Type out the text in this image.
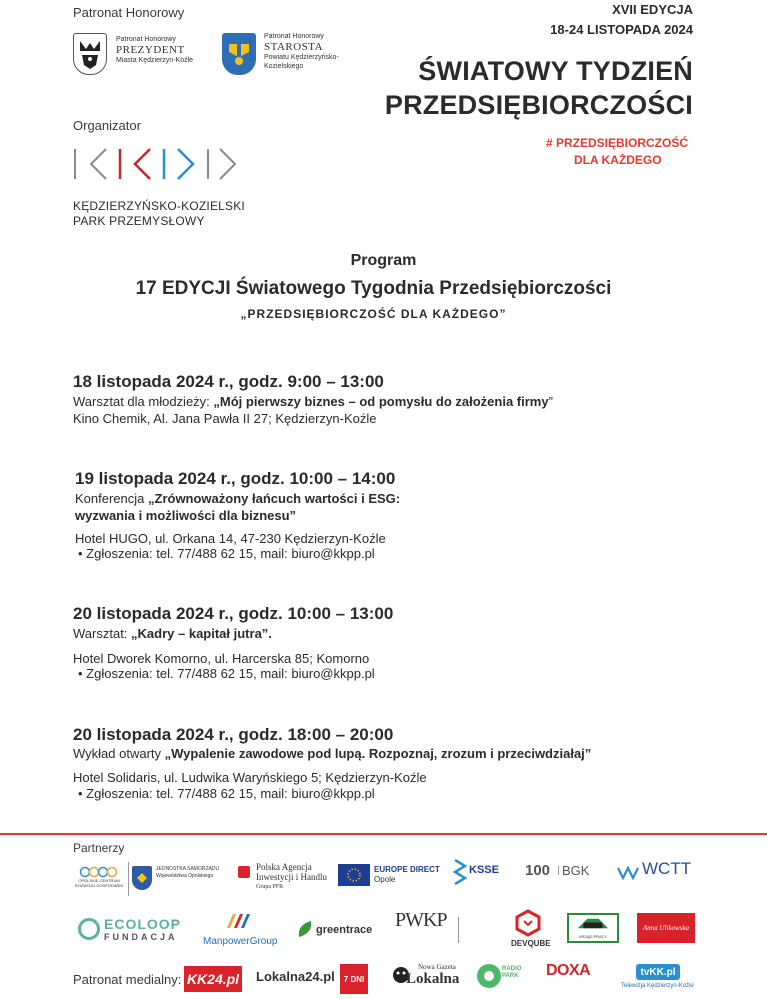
Patronat Honorowy
Patronat Honorowy
PREZYDENT
Miasta Kędzierzyn-Koźle
Patronat Honorowy
STAROSTA
Powiatu Kędzierzyńsko-
Kozielskiego
Organizator
KĘDZIERZYŃSKO-KOZIELSKI
PARK PRZEMYSŁOWY
XVII EDYCJA
18-24 LISTOPADA 2024
ŚWIATOWY TYDZIEŃ
PRZEDSIĘBIORCZOŚCI
# PRZEDSIĘBIORCZOŚĆ
DLA KAŻDEGO
Program
17 EDYCJI Światowego Tygodnia Przedsiębiorczości
„PRZEDSIĘBIORCZOŚĆ DLA KAŻDEGO”
18 listopada 2024 r., godz. 9:00 – 13:00
Warsztat dla młodzieży: „Mój pierwszy biznes – od pomysłu do założenia firmy”
Kino Chemik, Al. Jana Pawła II 27; Kędzierzyn-Koźle
19 listopada 2024 r., godz. 10:00 – 14:00
Konferencja „Zrównoważony łańcuch wartości i ESG:
wyzwania i możliwości dla biznesu”
Hotel HUGO, ul. Orkana 14, 47-230 Kędzierzyn-Koźle
• Zgłoszenia: tel. 77/488 62 15, mail: biuro@kkpp.pl
20 listopada 2024 r., godz. 10:00 – 13:00
Warsztat: „Kadry – kapitał jutra”.
Hotel Dworek Komorno, ul. Harcerska 85; Komorno
• Zgłoszenia: tel. 77/488 62 15, mail: biuro@kkpp.pl
20 listopada 2024 r., godz. 18:00 – 20:00
Wykład otwarty „Wypalenie zawodowe pod lupą. Rozpoznaj, zrozum i przeciwdziałaj”
Hotel Solidaris, ul. Ludwika Waryńskiego 5; Kędzierzyn-Koźle
• Zgłoszenia: tel. 77/488 62 15, mail: biuro@kkpp.pl
Partnerzy
OPOLSKIE CENTRUM ROZWOJU GOSPODARKI
JEDNOSTKA SAMORZĄDU
Województwa Opolskiego
Polska Agencja
Inwestycji i Handlu
Grupa PFR
EUROPE DIRECT
Opole
KSSE 100 BGK	WCTT
ECOLOOP
FUNDACJA	ManpowerGroup
greentrace PWKP
DEVQUBE
URZĄD PRACY
Anna Ulikowska
Patronat medialny: KK24.pl Lokalna24.pl	7 DNI
Nowa Gazeta
Lokalna
RADIO
PARK DOXA	tvKK.pl
Telewizja Kędzierzyn-Koźle
